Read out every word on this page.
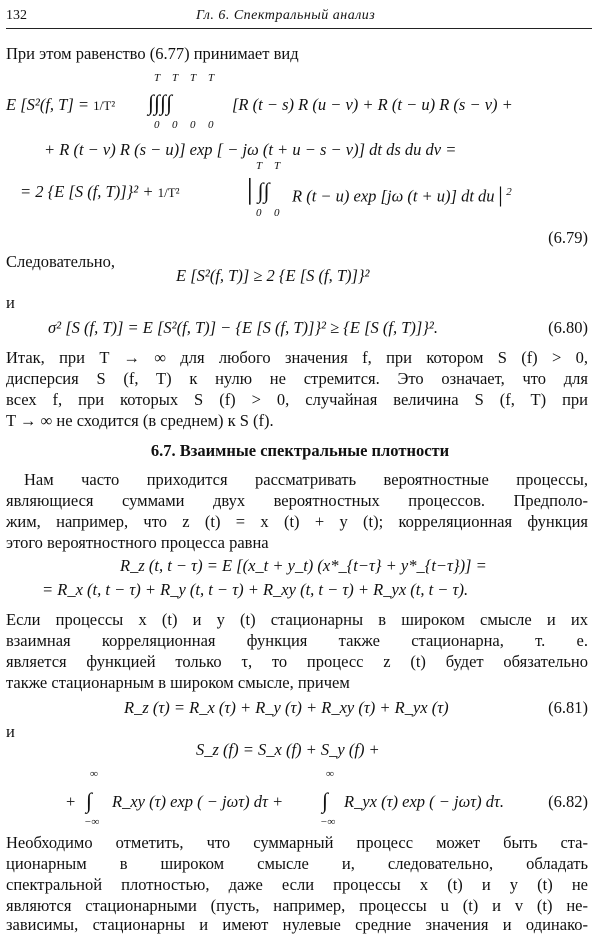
132	Гл. 6. Спектральный анализ
При этом равенство (6.77) принимает вид
E [S²(f, T] = 1/T² ∫∫∫∫
T T T T
0 0 0 0
[R (t − s) R (u − v) + R (t − u) R (s − v) +
+ R (t − v) R (s − u)] exp [ − jω (t + u − s − v)] dt ds du dv =
= 2 {E [S (f, T)]}² + 1/T²	│∫∫
T T
0 0
R (t − u) exp [jω (t + u)] dt du│$^2$
(6.79)
Следовательно,
E [S²(f, T)] ≥ 2 {E [S (f, T)]}²
и
σ² [S (f, T)] = E [S²(f, T)] − {E [S (f, T)]}² ≥ {E [S (f, T)]}².	(6.80)
Итак, при T → ∞ для любого значения f, при котором S (f) > 0,
дисперсия S (f, T) к нулю не стремится. Это означает, что для
всех f, при которых S (f) > 0, случайная величина S (f, T) при
T → ∞ не сходится (в среднем) к S (f).
6.7. Взаимные спектральные плотности
Нам часто приходится рассматривать вероятностные процессы,
являющиеся суммами двух вероятностных процессов. Предполо-
жим, например, что z (t) = x (t) + y (t); корреляционная функция
этого вероятностного процесса равна
R_z (t, t − τ) = E [(x_t + y_t) (x*_{t−τ} + y*_{t−τ})] =
= R_x (t, t − τ) + R_y (t, t − τ) + R_xy (t, t − τ) + R_yx (t, t − τ).
Если процессы x (t) и y (t) стационарны в широком смысле и их
взаимная корреляционная функция также стационарна, т. е.
является функцией только τ, то процесс z (t) будет обязательно
также стационарным в широком смысле, причем
R_z (τ) = R_x (τ) + R_y (τ) + R_xy (τ) + R_yx (τ)	(6.81)
и
S_z (f) = S_x (f) + S_y (f) +
+ ∫
∞
−∞
R_xy (τ) exp ( − jωτ) dτ + ∫
∞
−∞
R_yx (τ) exp ( − jωτ) dτ.	(6.82)
Необходимо отметить, что суммарный процесс может быть ста-
ционарным в широком смысле и, следовательно, обладать
спектральной плотностью, даже если процессы x (t) и y (t) не
являются стационарными (пусть, например, процессы u (t) и v (t) не-
зависимы, стационарны и имеют нулевые средние значения и одинако-
